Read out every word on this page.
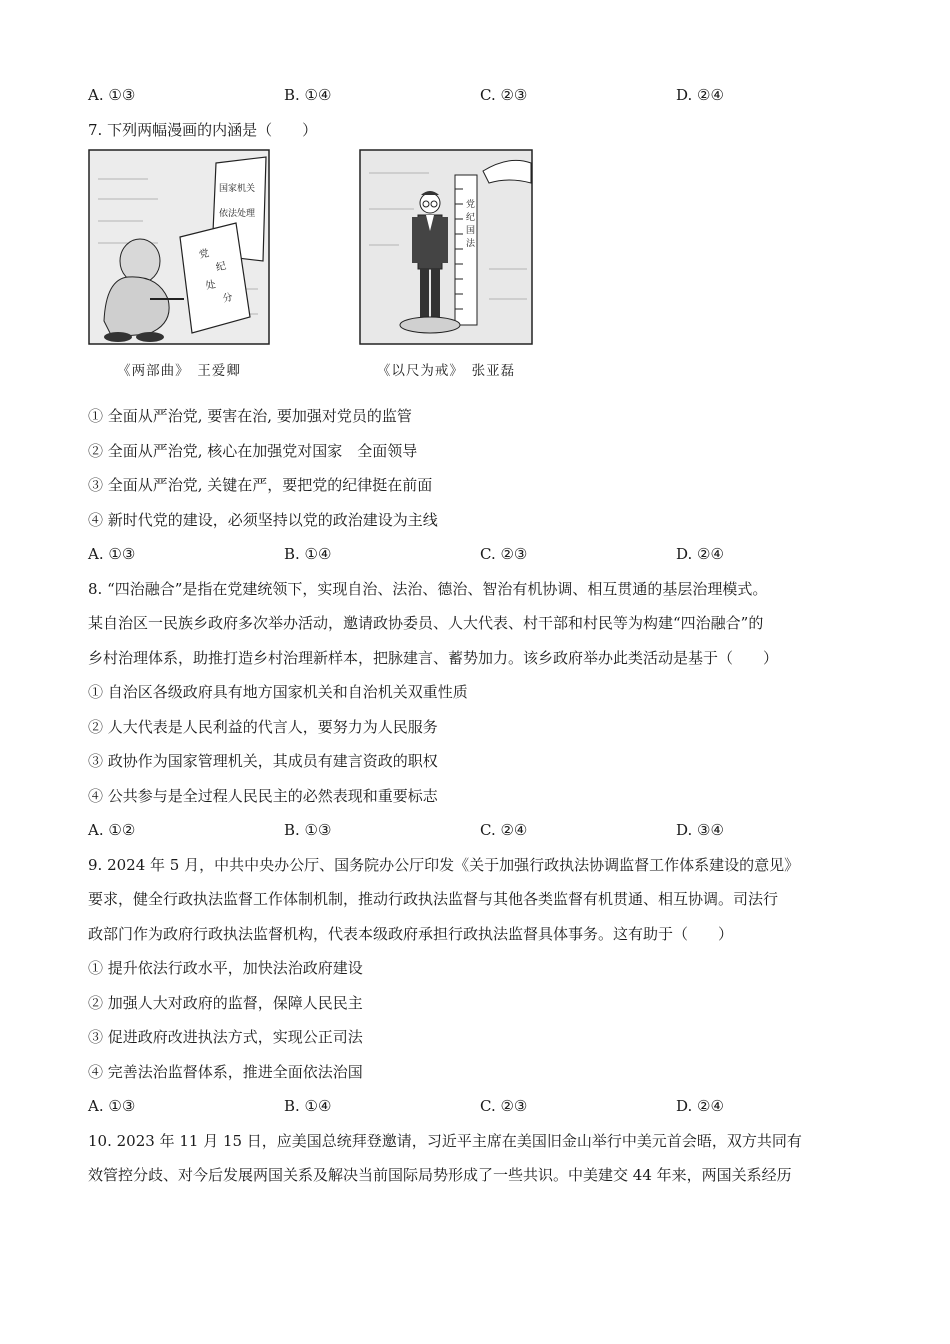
A. ①③	B. ①④	C. ②③	D. ②④
7. 下列两幅漫画的内涵是（　　）
国家机关
依法处理
党
纪
处
分
《两部曲》　王爱卿
党
纪
国
法
《以尺为戒》　张亚磊
① 全面从严治党, 要害在治, 要加强对党员的监管
② 全面从严治党, 核心在加强党对国家　全面领导
③ 全面从严治党, 关键在严，要把党的纪律挺在前面
④ 新时代党的建设，必须坚持以党的政治建设为主线
A. ①③	B. ①④	C. ②③	D. ②④
8. “四治融合”是指在党建统领下，实现自治、法治、德治、智治有机协调、相互贯通的基层治理模式。
某自治区一民族乡政府多次举办活动，邀请政协委员、人大代表、村干部和村民等为构建“四治融合”的
乡村治理体系，助推打造乡村治理新样本，把脉建言、蓄势加力。该乡政府举办此类活动是基于（　　）
① 自治区各级政府具有地方国家机关和自治机关双重性质
② 人大代表是人民利益的代言人，要努力为人民服务
③ 政协作为国家管理机关，其成员有建言资政的职权
④ 公共参与是全过程人民民主的必然表现和重要标志
A. ①②	B. ①③	C. ②④	D. ③④
9. 2024 年 5 月，中共中央办公厅、国务院办公厅印发《关于加强行政执法协调监督工作体系建设的意见》
要求，健全行政执法监督工作体制机制，推动行政执法监督与其他各类监督有机贯通、相互协调。司法行
政部门作为政府行政执法监督机构，代表本级政府承担行政执法监督具体事务。这有助于（　　）
① 提升依法行政水平，加快法治政府建设
② 加强人大对政府的监督，保障人民民主
③ 促进政府改进执法方式，实现公正司法
④ 完善法治监督体系，推进全面依法治国
A. ①③	B. ①④	C. ②③	D. ②④
10. 2023 年 11 月 15 日，应美国总统拜登邀请，习近平主席在美国旧金山举行中美元首会晤，双方共同有
效管控分歧、对今后发展两国关系及解决当前国际局势形成了一些共识。中美建交 44 年来，两国关系经历
